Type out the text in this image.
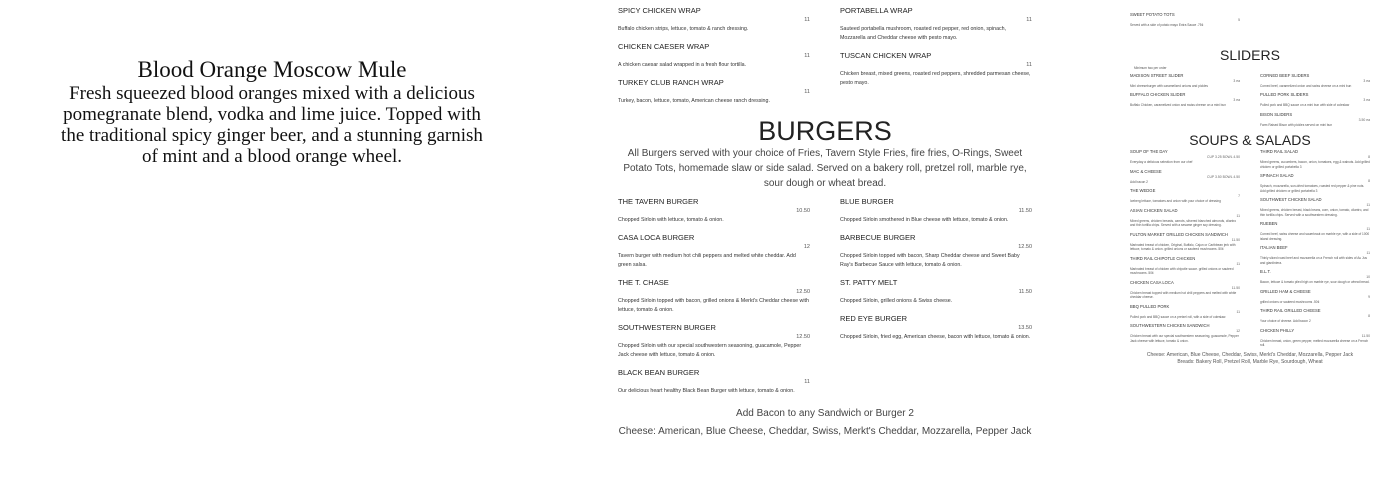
Blood Orange Moscow Mule

Fresh squeezed blood oranges mixed with a delicious pomegranate blend, vodka and lime juice. Topped with the traditional spicy ginger beer, and a stunning garnish of mint and a blood orange wheel.

SPICY CHICKEN WRAP
11
Buffalo chicken strips, lettuce, tomato & ranch dressing.
CHICKEN CAESER WRAP
11
A chicken caesar salad wrapped in a fresh flour tortilla.
TURKEY CLUB RANCH WRAP
11
Turkey, bacon, lettuce, tomato, American cheese ranch dressing.
PORTABELLA WRAP
11
Sauteed portabella mushroom, roasted red pepper, red onion, spinach, Mozzarella and Cheddar cheese with pesto mayo.
TUSCAN CHICKEN WRAP
11
Chicken breast, mixed greens, roasted red peppers, shredded parmesan cheese, pesto mayo.
BURGERS
All Burgers served with your choice of Fries, Tavern Style Fries, fire fries, O-Rings, Sweet Potato Tots, homemade slaw or side salad. Served on a bakery roll, pretzel roll, marble rye, sour dough or wheat bread.
THE TAVERN BURGER
10.50
Chopped Sirloin with lettuce, tomato & onion.
CASA LOCA BURGER
12
Tavern burger with medium hot chili peppers and melted white cheddar. Add green salsa.
THE T. CHASE
12.50
Chopped Sirloin topped with bacon, grilled onions & Merkt's Cheddar cheese with lettuce, tomato & onion.
SOUTHWESTERN BURGER
12.50
Chopped Sirloin with our special southwestern seasoning, guacamole, Pepper Jack cheese with lettuce, tomato & onion.
BLACK BEAN BURGER
11
Our delicious heart healthy Black Bean Burger with lettuce, tomato & onion.
BLUE BURGER
11.50
Chopped Sirloin smothered in Blue cheese with lettuce, tomato & onion.
BARBECUE BURGER
12.50
Chopped Sirloin topped with bacon, Sharp Cheddar cheese and Sweet Baby Ray's Barbecue Sauce with lettuce, tomato & onion.
ST. PATTY MELT
11.50
Chopped Sirloin, grilled onions & Swiss cheese.
RED EYE BURGER
13.50
Chopped Sirloin, fried egg, American cheese, bacon with lettuce, tomato & onion.
Add Bacon to any Sandwich or Burger 2
Cheese: American, Blue Cheese, Cheddar, Swiss, Merkt's Cheddar, Mozzarella, Pepper Jack
SWEET POTATO TOTS
5
Served with a side of potato mayo Extra Sauce .75¢
SLIDERS
Minimum two per order
MADISON STREET SLIDER
3 ea
Mini cheeseburger with caramelized onions and pickles
BUFFALO CHICKEN SLIDER
3 ea
Buffalo Chicken, caramelized onion and swiss cheese on a mini bun
CORNED BEEF SLIDERS
3 ea
Corned beef, caramelized onion and swiss cheese on a mini bun
PULLED PORK SLIDERS
3 ea
Pulled pork and BBQ sauce on a mini bun with side of coleslaw
BISON SLIDERS
3.50 ea
Farm Raised Bison with pickles served on mini bun
SOUPS & SALADS
SOUP OF THE DAY
CUP 3.25 BOWL 4.50
Everyday a delicious selection from our chef
MAC & CHEESE
CUP 3.50 BOWL 4.50
Add bacon 2
THE WEDGE
7
Iceberg lettuce, tomatoes and onion with your choice of dressing
ASIAN CHICKEN SALAD
11
Mixed greens, chicken breasts, carrots, slivered blanched almonds, cilantro and thin tortilla chips. Served with a sesame ginger soy dressing.
FULTON MARKET GRILLED CHICKEN SANDWICH
11.50
Marinated breast of chicken, Original, Buffalo, Cajun or Caribbean jerk with lettuce, tomato & onion. grilled onions or sauteed mushrooms .50¢
THIRD RAIL CHIPOTLE CHICKEN
11
Marinated breast of chicken with chipotle sauce. grilled onions or sauteed mushrooms .50¢
CHICKEN CASA LOCA
11.50
Chicken breast topped with medium hot chili peppers and melted with white cheddar cheese.
BBQ PULLED PORK
11
Pulled pork and BBQ sauce on a pretzel roll, with a side of coleslaw.
SOUTHWESTERN CHICKEN SANDWICH
12
Chicken breast with our special southwestern seasoning, guacamole, Pepper Jack cheese with lettuce, tomato & onion.
THIRD RAIL SALAD
8
Mixed greens, cucumbers, bacon, onion, tomatoes, egg & walnuts. Add grilled chicken or grilled portabella 3
SPINACH SALAD
8
Spinach, mozzarella, sun-dried tomatoes, roasted red pepper & pine nuts. Add grilled chicken or grilled portabella 3
SOUTHWEST CHICKEN SALAD
11
Mixed greens, chicken breast, black beans, corn, onion, tomato, cilantro, and thin tortilla chips. Served with a southwestern dressing.
RUEBEN
11
Corned beef, swiss cheese and sauerkraut on marble rye, with a side of 1000 island dressing.
ITALIAN BEEF
11
Thinly sliced roast beef and mozzarella on a French roll with sides of Au Jus and giardiniera.
B.L.T.
10
Bacon, lettuce & tomato piled high on marble rye, sour dough or wheat bread.
GRILLED HAM & CHEESE
9
grilled onions or sauteed mushrooms .50¢
THIRD RAIL GRILLED CHEESE
8
Your choice of cheese. Add bacon 2
CHICKEN PHILLY
11.50
Chicken breast, onion, green pepper, melted mozzarella cheese on a French roll.
Cheese: American, Blue Cheese, Cheddar, Swiss, Merkt's Cheddar, Mozzarella, Pepper Jack
Breads: Bakery Roll, Pretzel Roll, Marble Rye, Sourdough, Wheat
